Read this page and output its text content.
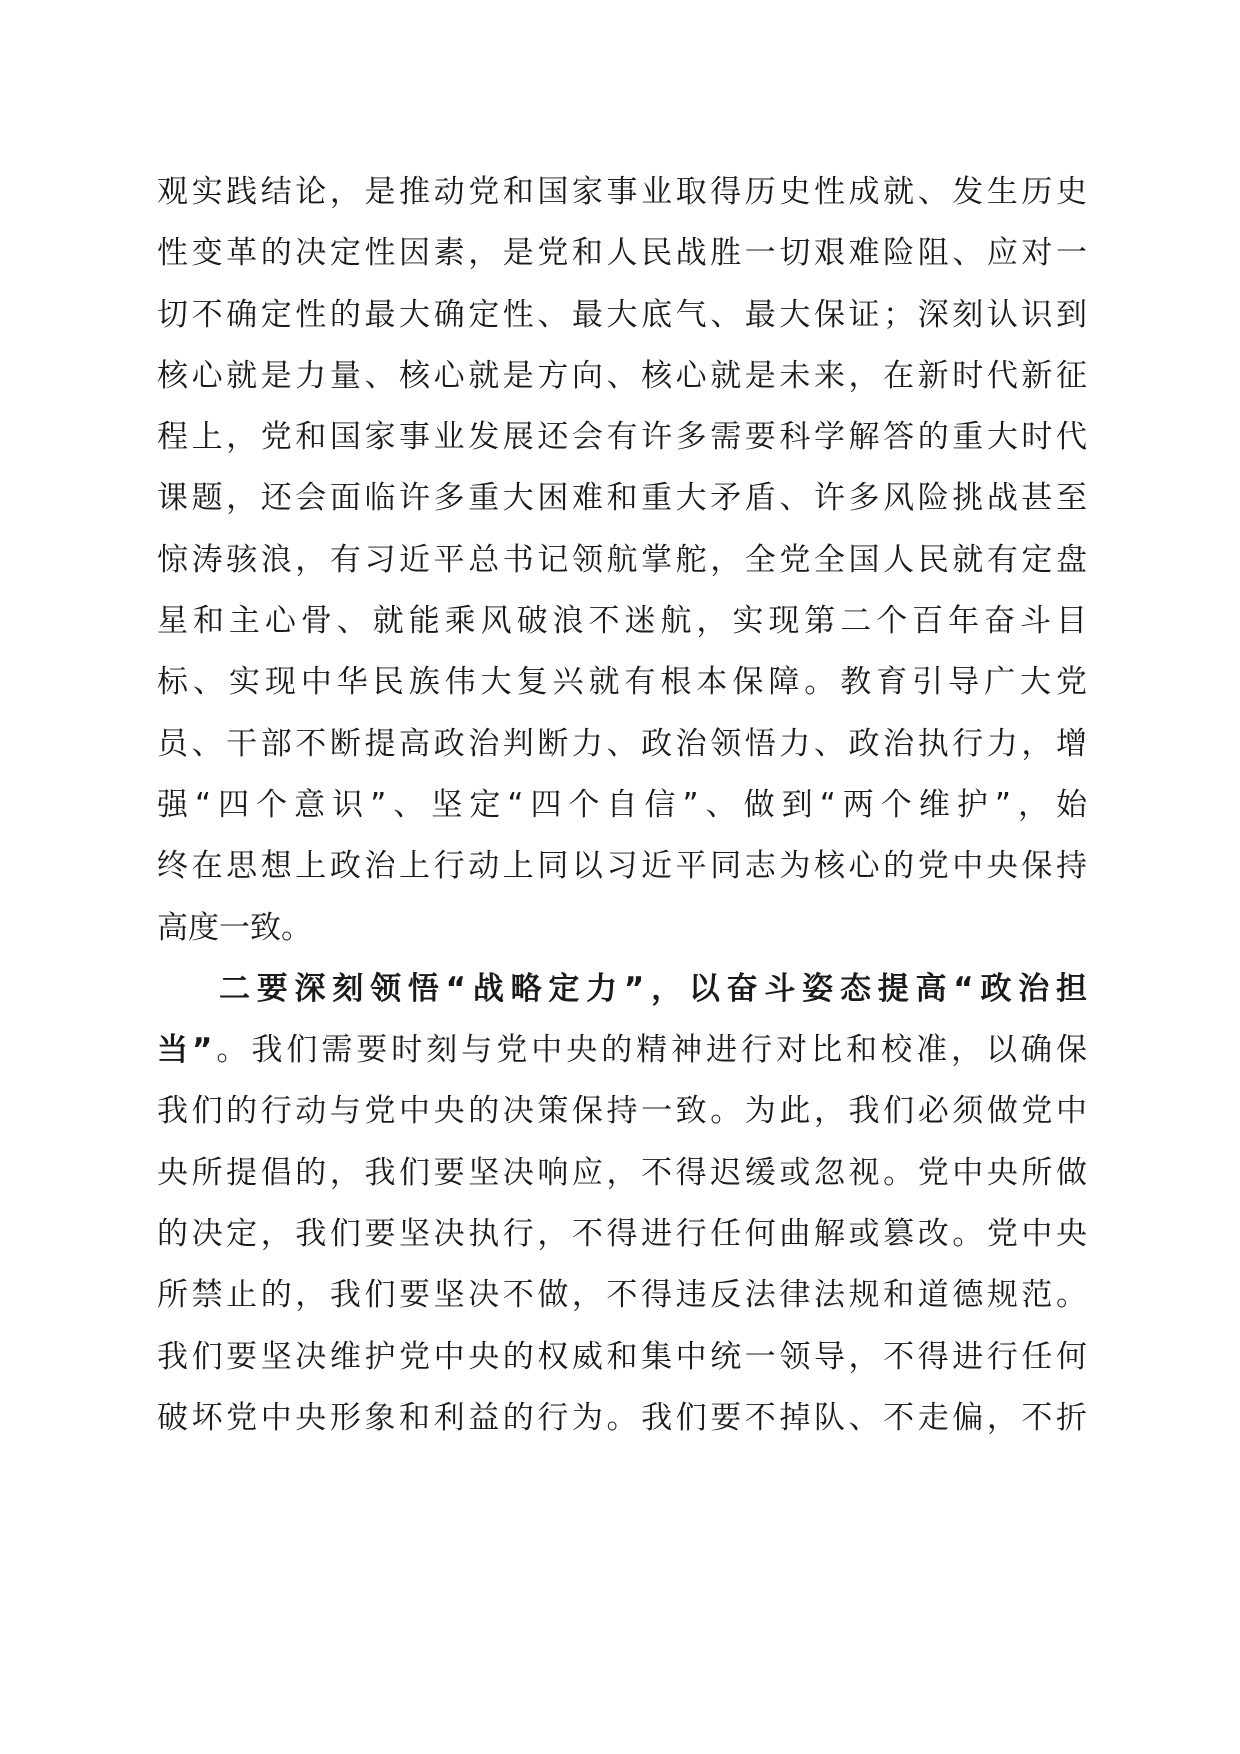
观实践结论，是推动党和国家事业取得历史性成就、发生历史
性变革的决定性因素，是党和人民战胜一切艰难险阻、应对一
切不确定性的最大确定性、最大底气、最大保证；深刻认识到
核心就是力量、核心就是方向、核心就是未来，在新时代新征
程上，党和国家事业发展还会有许多需要科学解答的重大时代
课题，还会面临许多重大困难和重大矛盾、许多风险挑战甚至
惊涛骇浪，有习近平总书记领航掌舵，全党全国人民就有定盘
星和主心骨、就能乘风破浪不迷航，实现第二个百年奋斗目
标、实现中华民族伟大复兴就有根本保障。教育引导广大党
员、干部不断提高政治判断力、政治领悟力、政治执行力，增
强“四个意识”、坚定“四个自信”、做到“两个维护”，始
终在思想上政治上行动上同以习近平同志为核心的党中央保持
高度一致。
二要深刻领悟“战略定力”，以奋斗姿态提高“政治担
当”。我们需要时刻与党中央的精神进行对比和校准，以确保
我们的行动与党中央的决策保持一致。为此，我们必须做党中
央所提倡的，我们要坚决响应，不得迟缓或忽视。党中央所做
的决定，我们要坚决执行，不得进行任何曲解或篡改。党中央
所禁止的，我们要坚决不做，不得违反法律法规和道德规范。
我们要坚决维护党中央的权威和集中统一领导，不得进行任何
破坏党中央形象和利益的行为。我们要不掉队、不走偏，不折
